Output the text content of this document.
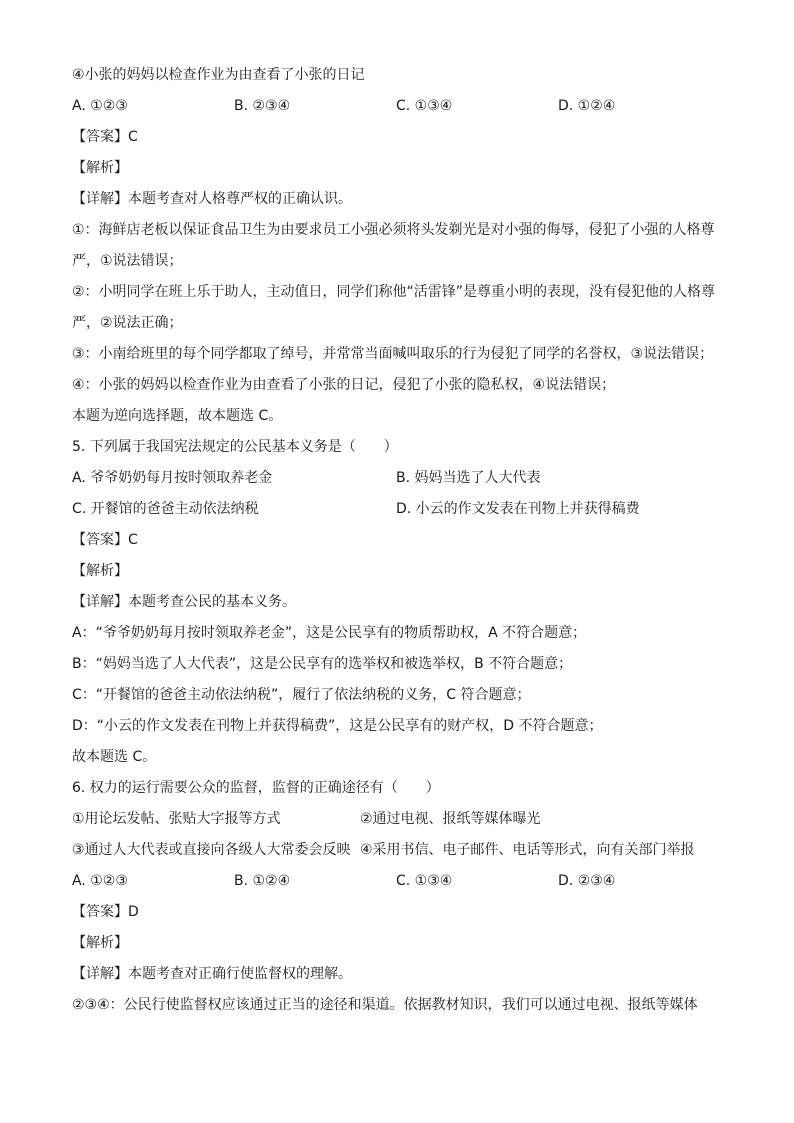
④小张的妈妈以检查作业为由查看了小张的日记
A. ①②③	B. ②③④	C. ①③④	D. ①②④
【答案】C
【解析】
【详解】本题考查对人格尊严权的正确认识。
①：海鲜店老板以保证食品卫生为由要求员工小强必须将头发剃光是对小强的侮辱，侵犯了小强的人格尊
严，①说法错误；
②：小明同学在班上乐于助人，主动值日，同学们称他“活雷锋”是尊重小明的表现，没有侵犯他的人格尊
严，②说法正确；
③：小南给班里的每个同学都取了绰号，并常常当面喊叫取乐的行为侵犯了同学的名誉权，③说法错误；
④：小张的妈妈以检查作业为由查看了小张的日记，侵犯了小张的隐私权，④说法错误；
本题为逆向选择题，故本题选 C。
5. 下列属于我国宪法规定的公民基本义务是（　　）
A. 爷爷奶奶每月按时领取养老金	B. 妈妈当选了人大代表
C. 开餐馆的爸爸主动依法纳税	D. 小云的作文发表在刊物上并获得稿费
【答案】C
【解析】
【详解】本题考查公民的基本义务。
A：“爷爷奶奶每月按时领取养老金”，这是公民享有的物质帮助权，A 不符合题意；
B：“妈妈当选了人大代表”，这是公民享有的选举权和被选举权，B 不符合题意；
C：“开餐馆的爸爸主动依法纳税”，履行了依法纳税的义务，C 符合题意；
D：“小云的作文发表在刊物上并获得稿费”，这是公民享有的财产权，D 不符合题意；
故本题选 C。
6. 权力的运行需要公众的监督，监督的正确途径有（　　）
①用论坛发帖、张贴大字报等方式	②通过电视、报纸等媒体曝光
③通过人大代表或直接向各级人大常委会反映 ④采用书信、电子邮件、电话等形式，向有关部门举报
A. ①②③	B. ①②④	C. ①③④	D. ②③④
【答案】D
【解析】
【详解】本题考查对正确行使监督权的理解。
②③④：公民行使监督权应该通过正当的途径和渠道。依据教材知识，我们可以通过电视、报纸等媒体
